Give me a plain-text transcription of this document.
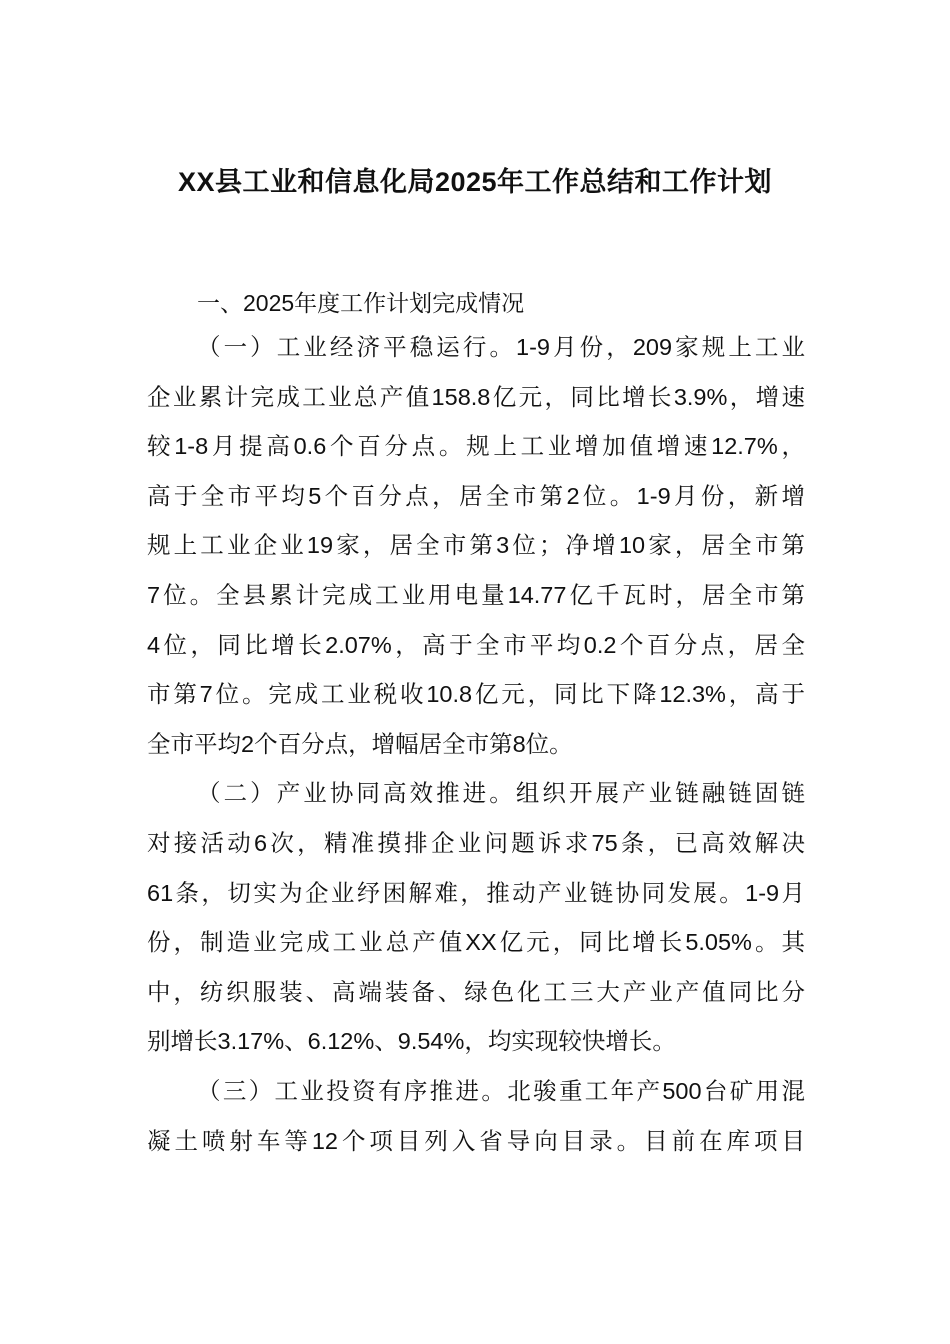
XX县工业和信息化局2025年工作总结和工作计划
一、2025年度工作计划完成情况
（一）工业经济平稳运行。1-9月份，209家规上工业
企业累计完成工业总产值158.8亿元，同比增长3.9%，增速
较1-8月提高0.6个百分点。规上工业增加值增速12.7%，
高于全市平均5个百分点，居全市第2位。1-9月份，新增
规上工业企业19家，居全市第3位；净增10家，居全市第
7位。全县累计完成工业用电量14.77亿千瓦时，居全市第
4位，同比增长2.07%，高于全市平均0.2个百分点，居全
市第7位。完成工业税收10.8亿元，同比下降12.3%，高于
全市平均2个百分点，增幅居全市第8位。
（二）产业协同高效推进。组织开展产业链融链固链
对接活动6次，精准摸排企业问题诉求75条，已高效解决
61条，切实为企业纾困解难，推动产业链协同发展。1-9月
份，制造业完成工业总产值XX亿元，同比增长5.05%。其
中，纺织服装、高端装备、绿色化工三大产业产值同比分
别增长3.17%、6.12%、9.54%，均实现较快增长。
（三）工业投资有序推进。北骏重工年产500台矿用混
凝土喷射车等12个项目列入省导向目录。目前在库项目
